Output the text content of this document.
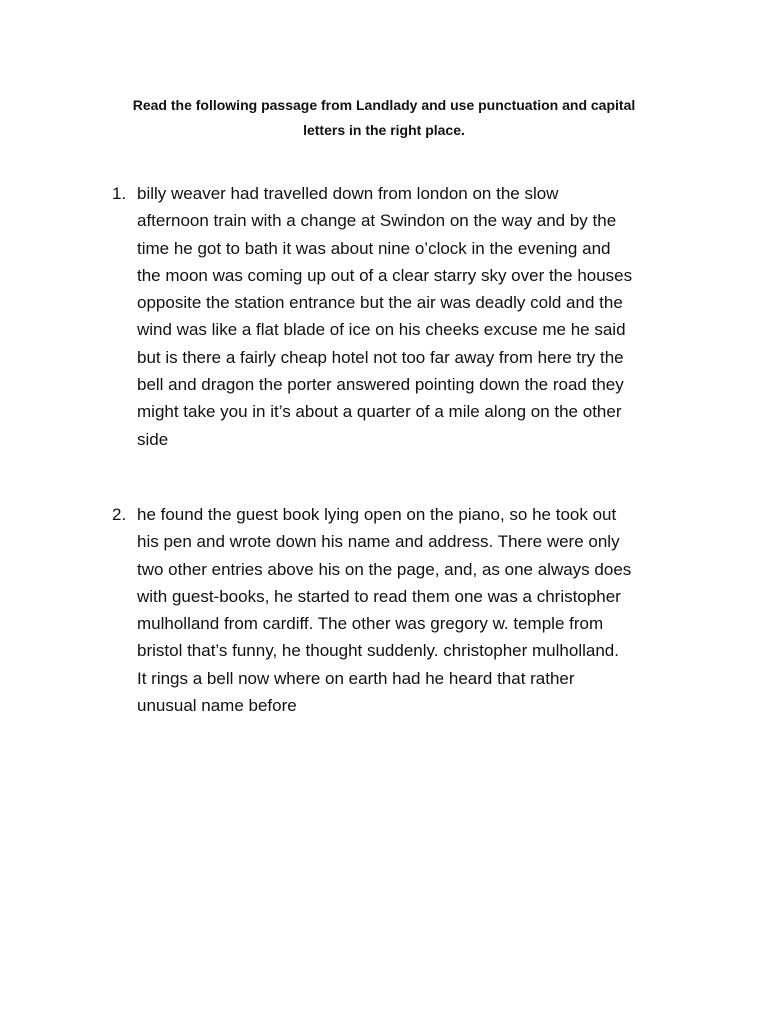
Read the following passage from Landlady and use punctuation and capital
letters in the right place.
1. billy weaver had travelled down from london on the slow
afternoon train with a change at Swindon on the way and by the
time he got to bath it was about nine o’clock in the evening and
the moon was coming up out of a clear starry sky over the houses
opposite the station entrance but the air was deadly cold and the
wind was like a flat blade of ice on his cheeks excuse me he said
but is there a fairly cheap hotel not too far away from here try the
bell and dragon the porter answered pointing down the road they
might take you in it’s about a quarter of a mile along on the other
side
2. he found the guest book lying open on the piano, so he took out
his pen and wrote down his name and address. There were only
two other entries above his on the page, and, as one always does
with guest-books, he started to read them one was a christopher
mulholland from cardiff. The other was gregory w. temple from
bristol that’s funny, he thought suddenly. christopher mulholland.
It rings a bell now where on earth had he heard that rather
unusual name before
